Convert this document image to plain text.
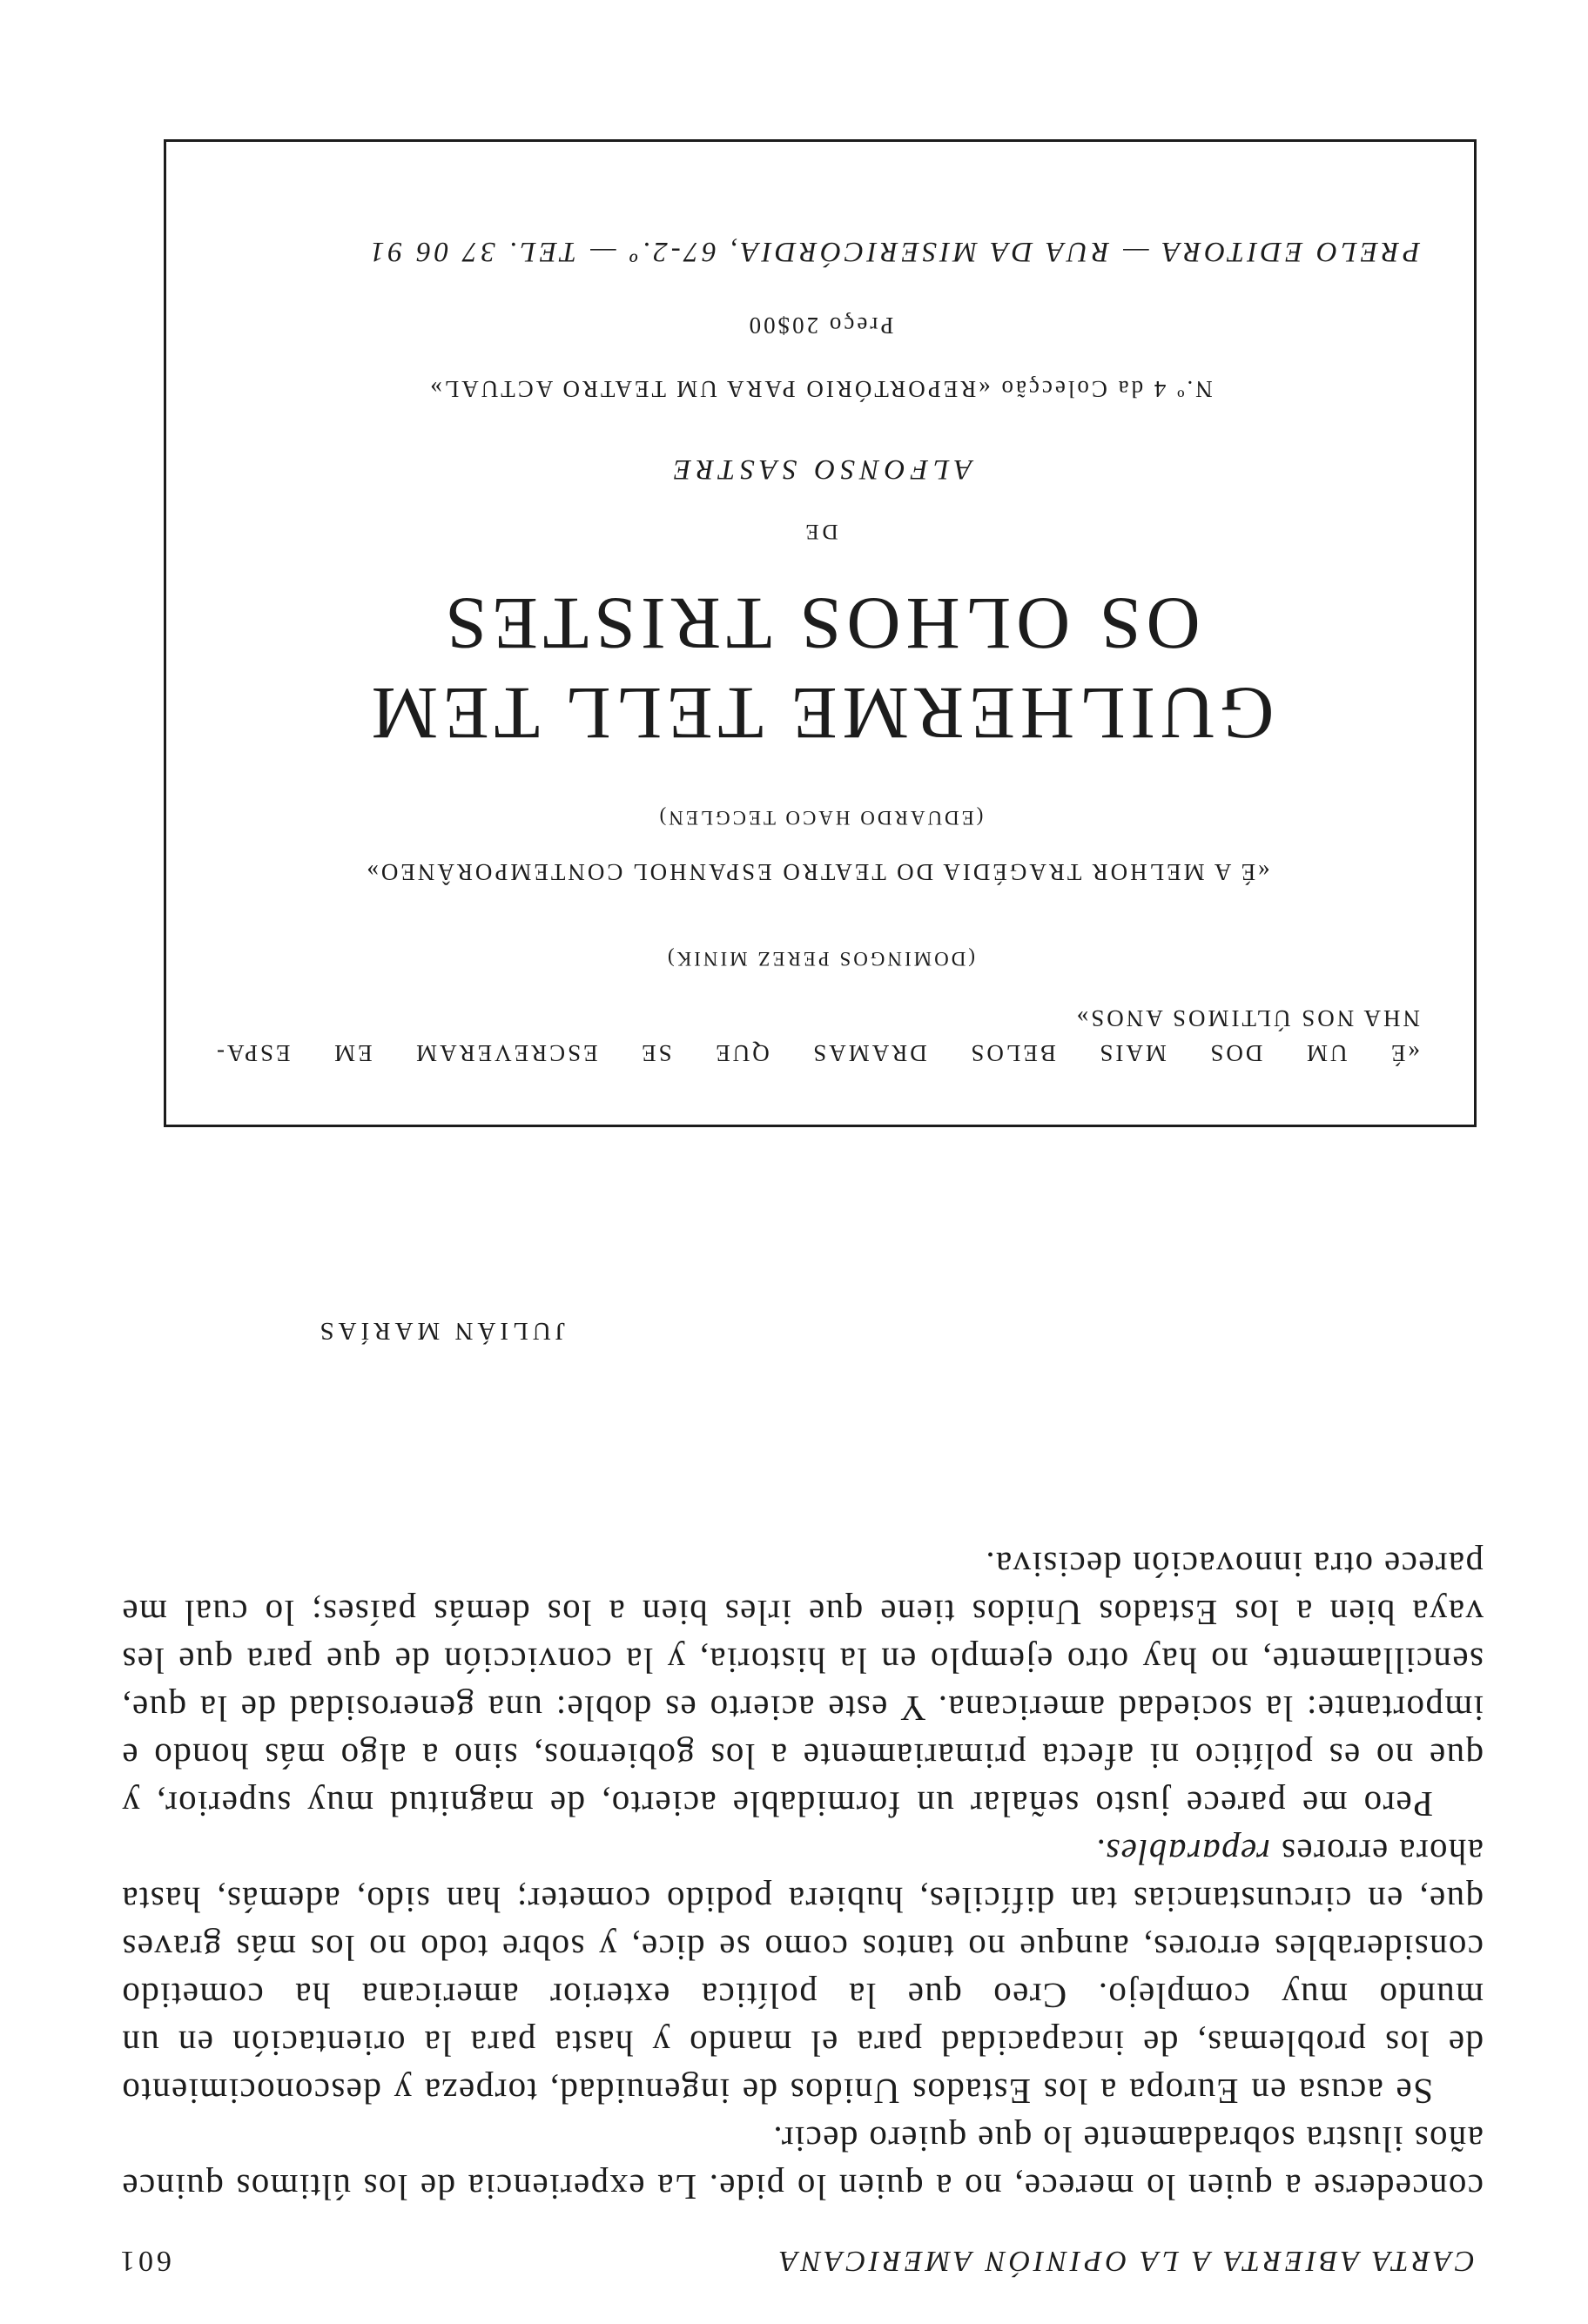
CARTA ABIERTA A LA OPINIÓN AMERICANA
601

concederse a quien lo merece, no a quien lo pide. La experiencia de los últimos quince años ilustra sobradamente lo que quiero decir.

Se acusa en Europa a los Estados Unidos de ingenuidad, torpeza y desconocimiento de los problemas, de incapacidad para el mando y hasta para la orientación en un mundo muy complejo. Creo que la política exterior americana ha cometido considerables errores, aunque no tantos como se dice, y sobre todo no los más graves que, en circunstancias tan difíciles, hubiera podido cometer; han sido, además, hasta ahora errores reparables.

Pero me parece justo señalar un formidable acierto, de magnitud muy superior, y que no es político ni afecta primariamente a los gobiernos, sino a algo más hondo e importante: la sociedad americana. Y este acierto es doble: una generosidad de la que, sencillamente, no hay otro ejemplo en la historia, y la convicción de que para que les vaya bien a los Estados Unidos tiene que irles bien a los demás países; lo cual me parece otra innovación decisiva.

JULIÁN MARÍAS
«É UM DOS MAIS BELOS DRAMAS QUE SE ESCREVERAM EM ESPA-
NHA NOS ÚLTIMOS ANOS»
(DOMINGOS PEREZ MINIK)
«É A MELHOR TRAGÉDIA DO TEATRO ESPANHOL CONTEMPORÂNEO»
(EDUARDO HACO TECGLEN)
GUILHERME TELL TEM
OS OLHOS TRISTES
DE
ALFONSO SASTRE
N.º 4 da Colecção «REPORTÓRIO PARA UM TEATRO ACTUAL»
Preço 20$00
PRELO EDITORA — RUA DA MISERICÓRDIA, 67-2.º — TEL. 37 06 91
